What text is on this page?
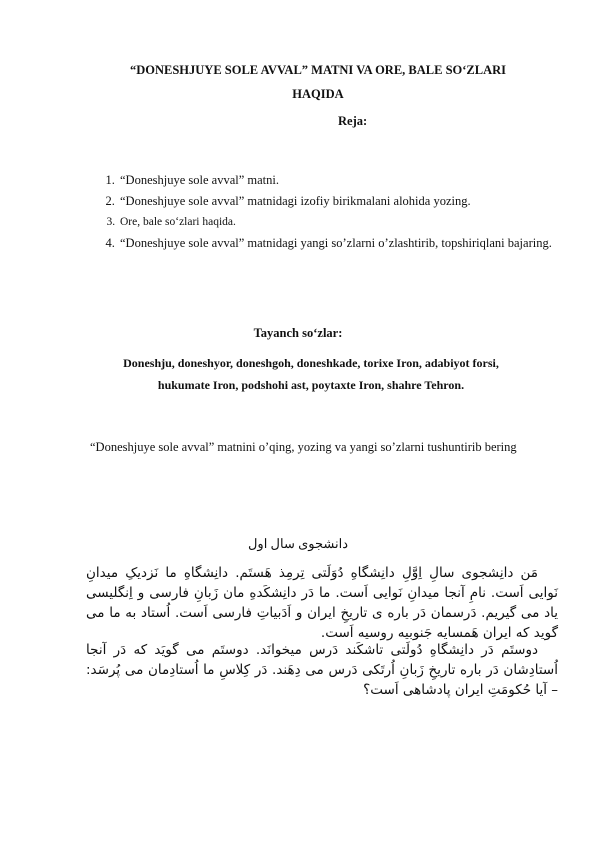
“DONESHJUYE SOLE AVVAL” MATNI VA ORE, BALE SO‘ZLARI
HAQIDA
Reja:
1. “Doneshjuye sole avval” matni.
2. “Doneshjuye sole avval” matnidagi izofiy birikmalani alohida yozing.
3. Ore, bale so‘zlari haqida.
4. “Doneshjuye sole avval” matnidagi yangi so’zlarni o’zlashtirib, topshiriqlani bajaring.
Tayanch so‘zlar:
Doneshju, doneshyor, doneshgoh, doneshkade, torixe Iron, adabiyot forsi, hukumate Iron, podshohi ast, poytaxte Iron, shahre Tehron.
“Doneshjuye sole avval” matnini o’qing, yozing va yangi so’zlarni tushuntirib bering
دانشجوی سال اول
مَن دانِشجوی سالِ اِوَّلِ دانِشگاهِ دُوَلَتی تِرمِذ هَستَم. دانِشگاهِ ما نَزدیکِ میدانِ نَوایی اَست. نامِ آنجا میدانِ نَوایی اَست. ما دَر دانِشکَدهِ مان زَبانِ فارسی و اِنگلیسی یاد می گیریم. دَرسمان دَر باره ی تاریخِ ایران و اَدَبیاتِ فارسی اَست. اُستاد به ما می گوید که ایران هَمسایه جَنوبیه روسیه اَست.
دوستَم دَر دانِشگاهِ دُولَتی تاشکَند دَرس میخوانَد. دوستَم می گویَد که دَر آنجا اُستادِشان دَر باره تاریخِ زَبانِ اُرتَکی دَرس می دِهَند. دَر کِلاسِ ما اُستادِمان می پُرسَد: – آیا حُکومَتِ ایران پادشاهی اَست؟
